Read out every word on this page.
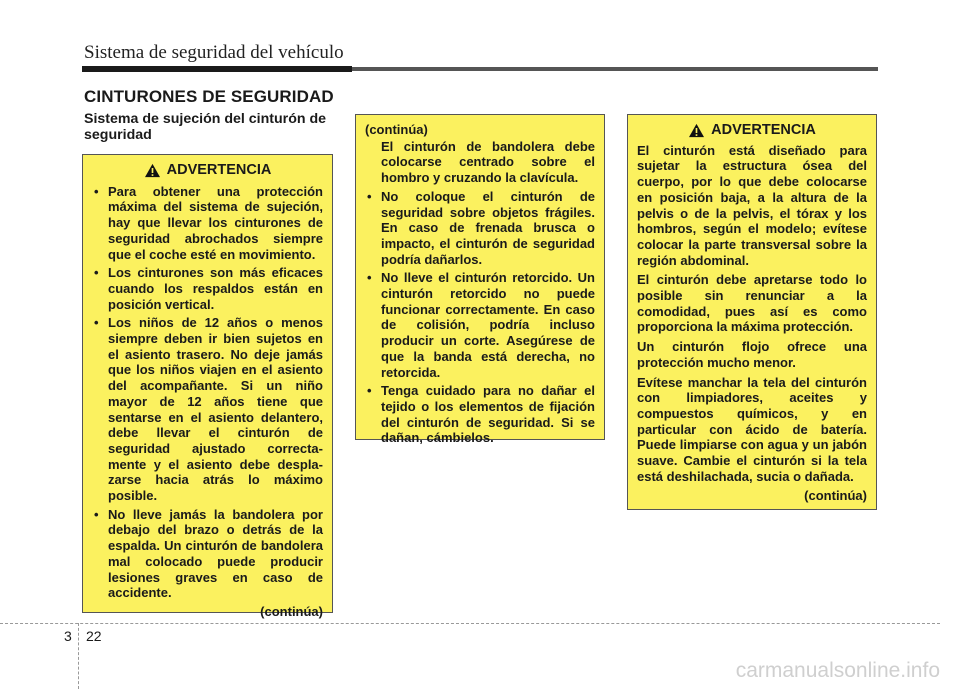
Sistema de seguridad del vehículo
CINTURONES DE SEGURIDAD
Sistema de sujeción del cinturón de seguridad
ADVERTENCIA
• Para obtener una protección máxima del sistema de sujeción, hay que llevar los cinturones de seguridad abrochados siempre que el coche esté en movimiento.
• Los cinturones son más eficaces cuando los respaldos están en posición vertical.
• Los niños de 12 años o menos siempre deben ir bien sujetos en el asiento trasero. No deje jamás que los niños viajen en el asiento del acompañante. Si un niño mayor de 12 años tiene que sentarse en el asiento delantero, debe llevar el cinturón de seguridad ajustado correcta-mente y el asiento debe despla-zarse hacia atrás lo máximo posible.
• No lleve jamás la bandolera por debajo del brazo o detrás de la espalda. Un cinturón de bandolera mal colocado puede producir lesiones graves en caso de accidente.
(continúa)
(continúa)
El cinturón de bandolera debe colocarse centrado sobre el hombro y cruzando la clavícula.
• No coloque el cinturón de seguridad sobre objetos frágiles. En caso de frenada brusca o impacto, el cinturón de seguridad podría dañarlos.
• No lleve el cinturón retorcido. Un cinturón retorcido no puede funcionar correctamente. En caso de colisión, podría incluso producir un corte. Asegúrese de que la banda está derecha, no retorcida.
• Tenga cuidado para no dañar el tejido o los elementos de fijación del cinturón de seguridad. Si se dañan, cámbielos.
ADVERTENCIA

El cinturón está diseñado para sujetar la estructura ósea del cuerpo, por lo que debe colocarse en posición baja, a la altura de la pelvis o de la pelvis, el tórax y los hombros, según el modelo; evítese colocar la parte transversal sobre la región abdominal.

El cinturón debe apretarse todo lo posible sin renunciar a la comodidad, pues así es como proporciona la máxima protección.

Un cinturón flojo ofrece una protección mucho menor.

Evítese manchar la tela del cinturón con limpiadores, aceites y compuestos químicos, y en particular con ácido de batería. Puede limpiarse con agua y un jabón suave. Cambie el cinturón si la tela está deshilachada, sucia o dañada.

(continúa)
3 22
carmanualsonline.info
